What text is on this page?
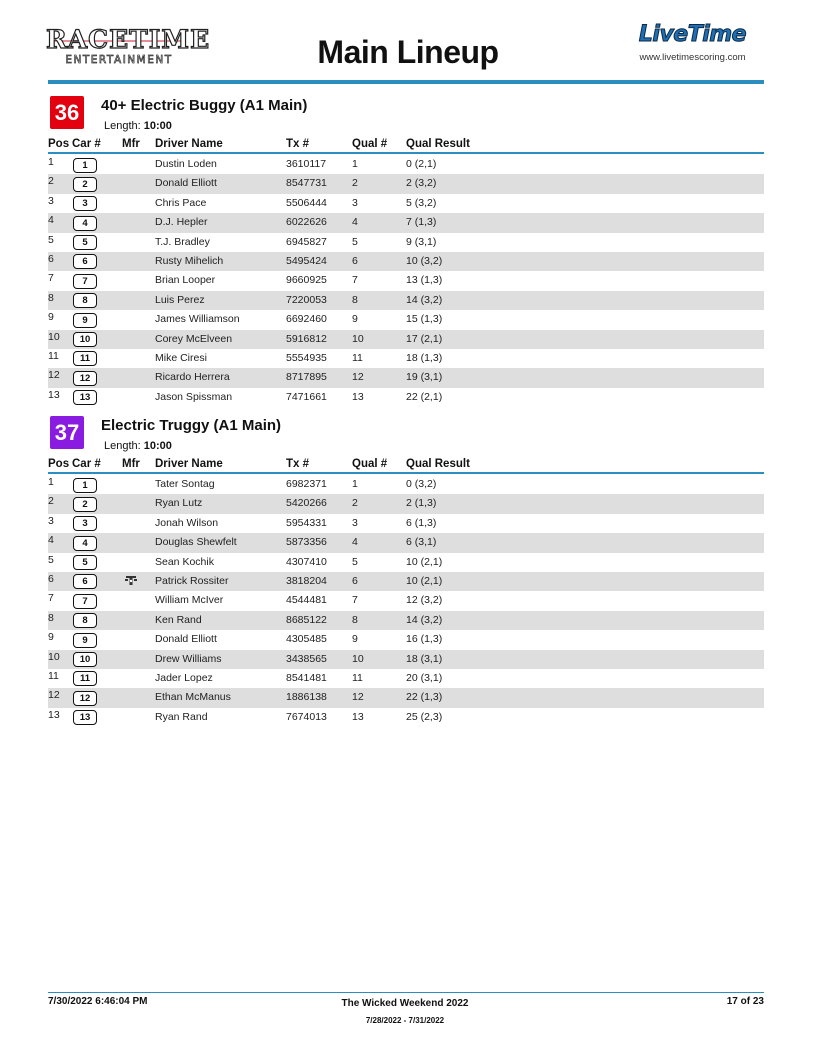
RACETIME
ENTERTAINMENT	Main Lineup	LiveTime
www.livetimescoring.com
36	40+ Electric Buggy (A1 Main)
Length: 10:00
Pos Car # Mfr Driver Name	Tx #	Qual # Qual Result
1	1	Dustin Loden	3610117 1	0 (2,1)
2	2	Donald Elliott	8547731 2	2 (3,2)
3	3	Chris Pace	5506444 3	5 (3,2)
4	4	D.J. Hepler	6022626 4	7 (1,3)
5	5	T.J. Bradley	6945827 5	9 (3,1)
6	6	Rusty Mihelich	5495424 6	10 (3,2)
7	7	Brian Looper	9660925 7	13 (1,3)
8	8	Luis Perez	7220053 8	14 (3,2)
9	9	James Williamson	6692460 9	15 (1,3)
10	10	Corey McElveen	5916812 10	17 (2,1)
11	11	Mike Ciresi	5554935 11	18 (1,3)
12	12	Ricardo Herrera	8717895 12	19 (3,1)
13	13	Jason Spissman	7471661 13	22 (2,1)
37	Electric Truggy (A1 Main)
Length: 10:00
Pos Car # Mfr Driver Name	Tx #	Qual # Qual Result
1	1	Tater Sontag	6982371 1	0 (3,2)
2	2	Ryan Lutz	5420266 2	2 (1,3)
3	3	Jonah Wilson	5954331 3	6 (1,3)
4	4	Douglas Shewfelt	5873356 4	6 (3,1)
5	5	Sean Kochik	4307410 5	10 (2,1)
6	6	Patrick Rossiter	3818204 6	10 (2,1)
7	7	William McIver	4544481 7	12 (3,2)
8	8	Ken Rand	8685122 8	14 (3,2)
9	9	Donald Elliott	4305485 9	16 (1,3)
10	10	Drew Williams	3438565 10	18 (3,1)
11	11	Jader Lopez	8541481 11	20 (3,1)
12	12	Ethan McManus	1886138 12	22 (1,3)
13	13	Ryan Rand	7674013 13	25 (2,3)
7/30/2022 6:46:04 PM	The Wicked Weekend 2022
7/28/2022 - 7/31/2022
17 of 23
